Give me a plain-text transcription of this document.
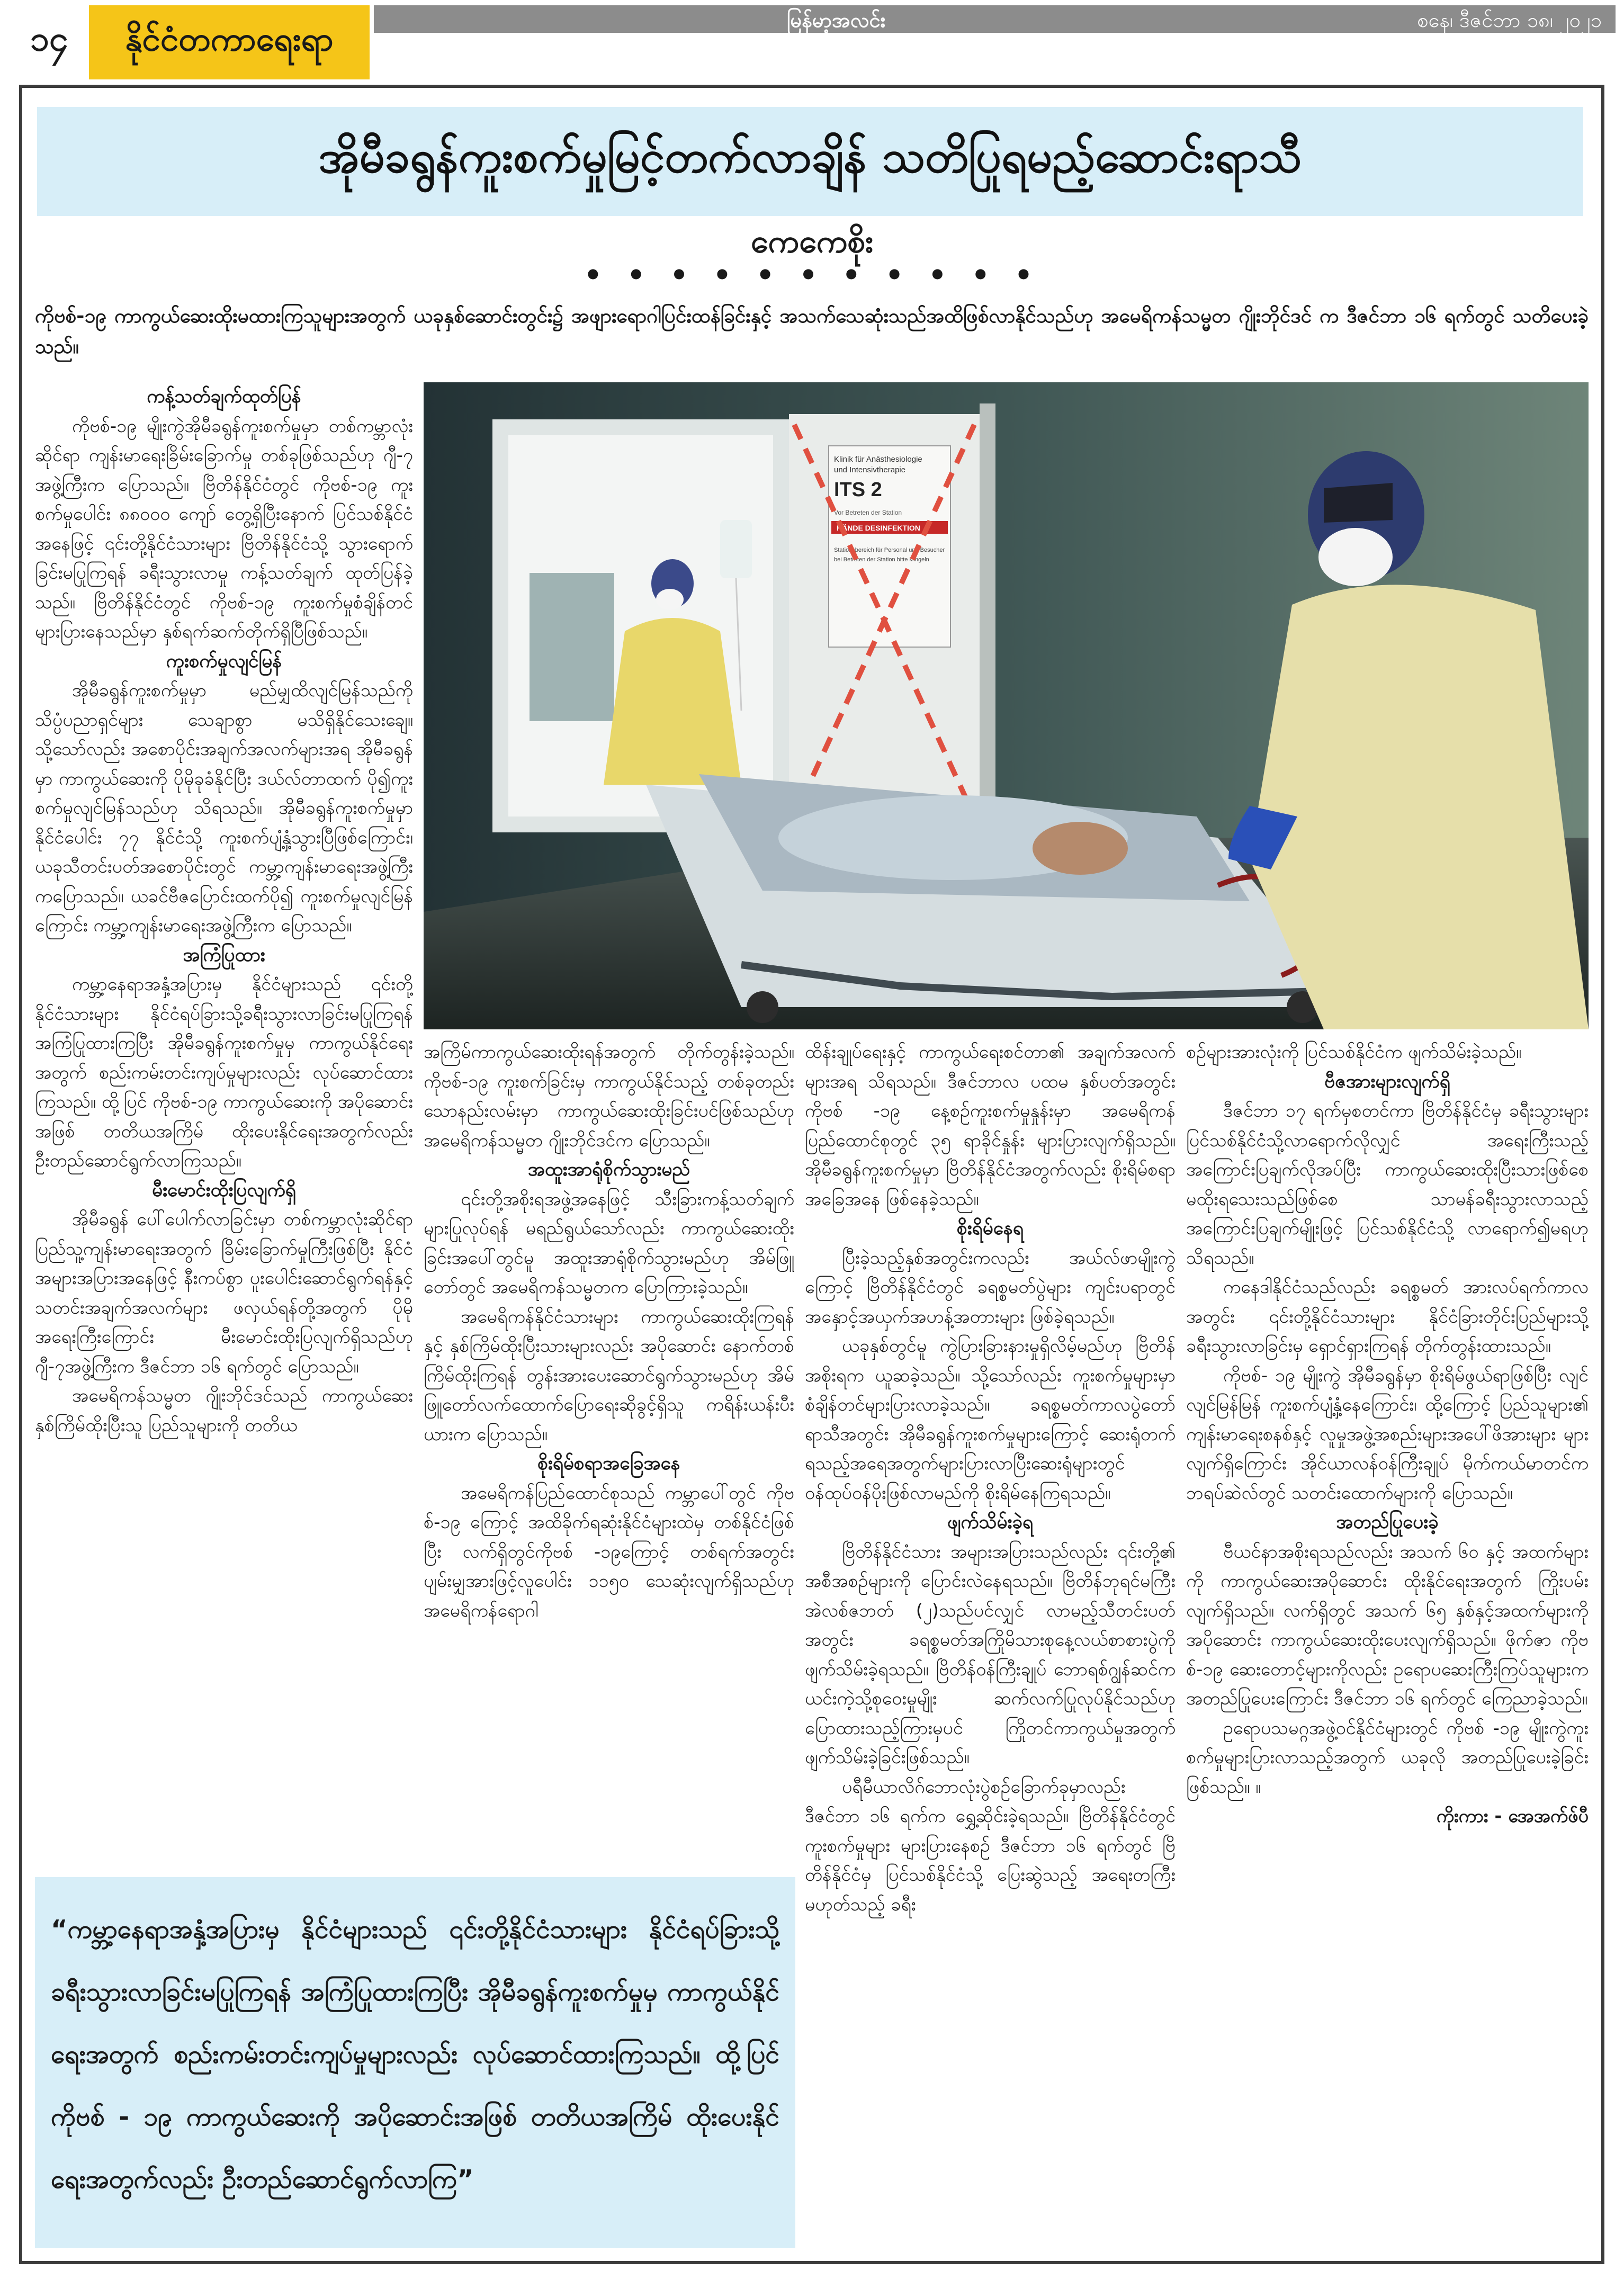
၁၄	နိုင်ငံတကာရေးရာ	မြန်မာ့အလင်း	စနေ၊ ဒီဇင်ဘာ ၁၈၊ ၂၀၂၁
အိုမီခရွန်ကူးစက်မှုမြင့်တက်လာချိန် သတိပြုရမည့်ဆောင်းရာသီ
ကေကေစိုး
• • • • • • • • • • •
ကိုဗစ်-၁၉ ကာကွယ်ဆေးထိုးမထားကြသူများအတွက် ယခုနှစ်ဆောင်းတွင်း၌ အဖျားရောဂါပြင်းထန်ခြင်းနှင့် အသက်သေဆုံးသည်အထိဖြစ်လာနိုင်သည်ဟု အမေရိကန်သမ္မတ ဂျိုးဘိုင်ဒင် က ဒီဇင်ဘာ ၁၆ ရက်တွင် သတိပေးခဲ့သည်။
Klinik für Anästhesiologie
und Intensivtherapie
ITS 2
Vor Betreten der Station
HÄNDE DESINFEKTION
Stationsbereich für Personal und Besucher
bei Betreten der Station bitte klingeln
ကန့်သတ်ချက်ထုတ်ပြန်

ကိုဗစ်-၁၉ မျိုးကွဲအိုမီခရွန်ကူးစက်မှုမှာ တစ်ကမ္ဘာလုံးဆိုင်ရာ ကျန်းမာရေးခြိမ်းခြောက်မှု တစ်ခုဖြစ်သည်ဟု ဂျီ-၇ အဖွဲ့ကြီးက ပြောသည်။ ဗြိတိန်နိုင်ငံတွင် ကိုဗစ်-၁၉ ကူးစက်မှုပေါင်း ၈၈၀၀၀ ကျော် တွေ့ရှိပြီးနောက် ပြင်သစ်နိုင်ငံအနေဖြင့် ၎င်းတို့နိုင်ငံသားများ ဗြိတိန်နိုင်ငံသို့ သွားရောက်ခြင်းမပြုကြရန် ခရီးသွားလာမှု ကန့်သတ်ချက် ထုတ်ပြန်ခဲ့သည်။ ဗြိတိန်နိုင်ငံတွင် ကိုဗစ်-၁၉ ကူးစက်မှုစံချိန်တင်များပြားနေသည်မှာ နှစ်ရက်ဆက်တိုက်ရှိပြီဖြစ်သည်။

ကူးစက်မှုလျင်မြန်

အိုမီခရွန်ကူးစက်မှုမှာ မည်မျှထိလျင်မြန်သည်ကို သိပ္ပံပညာရှင်များ သေချာစွာ မသိရှိနိုင်သေးချေ။ သို့သော်လည်း အစောပိုင်းအချက်အလက်များအရ အိုမီခရွန်မှာ ကာကွယ်ဆေးကို ပိုမိုခုခံနိုင်ပြီး ဒယ်လ်တာထက် ပို၍ကူးစက်မှုလျင်မြန်သည်ဟု သိရသည်။ အိုမီခရွန်ကူးစက်မှုမှာ နိုင်ငံပေါင်း ၇၇ နိုင်ငံသို့ ကူးစက်ပျံ့နှံ့သွားပြီဖြစ်ကြောင်း၊ ယခုသီတင်းပတ်အစောပိုင်းတွင် ကမ္ဘာ့ကျန်းမာရေးအဖွဲ့ကြီးကပြောသည်။ ယခင်ဗီဇပြောင်းထက်ပို၍ ကူးစက်မှုလျင်မြန်ကြောင်း ကမ္ဘာ့ကျန်းမာရေးအဖွဲ့ကြီးက ပြောသည်။

အကြံပြုထား

ကမ္ဘာ့နေရာအနှံ့အပြားမှ နိုင်ငံများသည် ၎င်းတို့နိုင်ငံသားများ နိုင်ငံရပ်ခြားသို့ခရီးသွားလာခြင်းမပြုကြရန် အကြံပြုထားကြပြီး အိုမီခရွန်ကူးစက်မှုမှ ကာကွယ်နိုင်ရေးအတွက် စည်းကမ်းတင်းကျပ်မှုများလည်း လုပ်ဆောင်ထားကြသည်။ ထို့ပြင် ကိုဗစ်-၁၉ ကာကွယ်ဆေးကို အပိုဆောင်းအဖြစ် တတိယအကြိမ် ထိုးပေးနိုင်ရေးအတွက်လည်း ဦးတည်ဆောင်ရွက်လာကြသည်။

မီးမောင်းထိုးပြလျက်ရှိ

အိုမီခရွန် ပေါ်ပေါက်လာခြင်းမှာ တစ်ကမ္ဘာလုံးဆိုင်ရာ ပြည်သူ့ကျန်းမာရေးအတွက် ခြိမ်းခြောက်မှုကြီးဖြစ်ပြီး နိုင်ငံအများအပြားအနေဖြင့် နီးကပ်စွာ ပူးပေါင်းဆောင်ရွက်ရန်နှင့် သတင်းအချက်အလက်များ ဖလှယ်ရန်တို့အတွက် ပိုမိုအရေးကြီးကြောင်း မီးမောင်းထိုးပြလျက်ရှိသည်ဟု ဂျီ-၇အဖွဲ့ကြီးက ဒီဇင်ဘာ ၁၆ ရက်တွင် ပြောသည်။

အမေရိကန်သမ္မတ ဂျိုးဘိုင်ဒင်သည် ကာကွယ်ဆေးနှစ်ကြိမ်ထိုးပြီးသူ ပြည်သူများကို တတိယ

အကြိမ်ကာကွယ်ဆေးထိုးရန်အတွက် တိုက်တွန်းခဲ့သည်။ ကိုဗစ်-၁၉ ကူးစက်ခြင်းမှ ကာကွယ်နိုင်သည့် တစ်ခုတည်းသောနည်းလမ်းမှာ ကာကွယ်ဆေးထိုးခြင်းပင်ဖြစ်သည်ဟု အမေရိကန်သမ္မတ ဂျိုးဘိုင်ဒင်က ပြောသည်။
အထူးအာရုံစိုက်သွားမည်

၎င်းတို့အစိုးရအဖွဲ့အနေဖြင့် သီးခြားကန့်သတ်ချက်များပြုလုပ်ရန် မရည်ရွယ်သော်လည်း ကာကွယ်ဆေးထိုးခြင်းအပေါ်တွင်မူ အထူးအာရုံစိုက်သွားမည်ဟု အိမ်ဖြူတော်တွင် အမေရိကန်သမ္မတက ပြောကြားခဲ့သည်။

အမေရိကန်နိုင်ငံသားများ ကာကွယ်ဆေးထိုးကြရန်နှင့် နှစ်ကြိမ်ထိုးပြီးသားများလည်း အပိုဆောင်း နောက်တစ်ကြိမ်ထိုးကြရန် တွန်းအားပေးဆောင်ရွက်သွားမည်ဟု အိမ်ဖြူတော်လက်ထောက်ပြောရေးဆိုခွင့်ရှိသူ ကရိန်းယန်းပီးယားက ပြောသည်။

စိုးရိမ်စရာအခြေအနေ

အမေရိကန်ပြည်ထောင်စုသည် ကမ္ဘာပေါ်တွင် ကိုဗစ်-၁၉ ကြောင့် အထိခိုက်ရဆုံးနိုင်ငံများထဲမှ တစ်နိုင်ငံဖြစ်ပြီး လက်ရှိတွင်ကိုဗစ် -၁၉ကြောင့် တစ်ရက်အတွင်း ပျမ်းမျှအားဖြင့်လူပေါင်း ၁၁၅၀ သေဆုံးလျက်ရှိသည်ဟု အမေရိကန်ရောဂါ

ထိန်းချုပ်ရေးနှင့် ကာကွယ်ရေးစင်တာ၏ အချက်အလက်များအရ သိရသည်။ ဒီဇင်ဘာလ ပထမ နှစ်ပတ်အတွင်း ကိုဗစ် -၁၉ နေ့စဉ်ကူးစက်မှုနှုန်းမှာ အမေရိကန်ပြည်ထောင်စုတွင် ၃၅ ရာခိုင်နှုန်း များပြားလျက်ရှိသည်။ အိုမီခရွန်ကူးစက်မှုမှာ ဗြိတိန်နိုင်ငံအတွက်လည်း စိုးရိမ်စရာအခြေအနေ ဖြစ်နေခဲ့သည်။
စိုးရိမ်နေရ

ပြီးခဲ့သည့်နှစ်အတွင်းကလည်း အယ်လ်ဖာမျိုးကွဲကြောင့် ဗြိတိန်နိုင်ငံတွင် ခရစ္စမတ်ပွဲများ ကျင်းပရာတွင် အနှောင့်အယှက်အဟန့်အတားများ ဖြစ်ခဲ့ရသည်။

ယခုနှစ်တွင်မူ ကွဲပြားခြားနားမှုရှိလိမ့်မည်ဟု ဗြိတိန်အစိုးရက ယူဆခဲ့သည်။ သို့သော်လည်း ကူးစက်မှုများမှာ စံချိန်တင်များပြားလာခဲ့သည်။ ခရစ္စမတ်ကာလပွဲတော်ရာသီအတွင်း အိုမီခရွန်ကူးစက်မှုများကြောင့် ဆေးရုံတက်ရသည့်အရေအတွက်များပြားလာပြီးဆေးရုံများတွင် ဝန်ထုပ်ဝန်ပိုးဖြစ်လာမည်ကို စိုးရိမ်နေကြရသည်။

ဖျက်သိမ်းခဲ့ရ

ဗြိတိန်နိုင်ငံသား အများအပြားသည်လည်း ၎င်းတို့၏ အစီအစဉ်များကို ပြောင်းလဲနေရသည်။ ဗြိတိန်ဘုရင်မကြီးအဲလစ်ဇဘတ် (၂)သည်ပင်လျှင် လာမည့်သီတင်းပတ်အတွင်း ခရစ္စမတ်အကြိုမိသားစုနေ့လယ်စာစားပွဲကို ဖျက်သိမ်းခဲ့ရသည်။ ဗြိတိန်ဝန်ကြီးချုပ် ဘောရစ်ဂျွန်ဆင်က ယင်းကဲ့သို့စုဝေးမှုမျိုး ဆက်လက်ပြုလုပ်နိုင်သည်ဟု ပြောထားသည့်ကြားမှပင် ကြိုတင်ကာကွယ်မှုအတွက် ဖျက်သိမ်းခဲ့ခြင်းဖြစ်သည်။

ပရီမီယာလိဂ်ဘောလုံးပွဲစဉ်ခြောက်ခုမှာလည်း ဒီဇင်ဘာ ၁၆ ရက်က ရွှေ့ဆိုင်းခဲ့ရသည်။ ဗြိတိန်နိုင်ငံတွင် ကူးစက်မှုများ များပြားနေစဉ် ဒီဇင်ဘာ ၁၆ ရက်တွင် ဗြိတိန်နိုင်ငံမှ ပြင်သစ်နိုင်ငံသို့ ပြေးဆွဲသည့် အရေးတကြီးမဟုတ်သည့် ခရီး

စဉ်များအားလုံးကို ပြင်သစ်နိုင်ငံက ဖျက်သိမ်းခဲ့သည်။
ဗီဇအားများလျက်ရှိ

ဒီဇင်ဘာ ၁၇ ရက်မှစတင်ကာ ဗြိတိန်နိုင်ငံမှ ခရီးသွားများ ပြင်သစ်နိုင်ငံသို့လာရောက်လိုလျှင် အရေးကြီးသည့် အကြောင်းပြချက်လိုအပ်ပြီး ကာကွယ်ဆေးထိုးပြီးသားဖြစ်စေ မထိုးရသေးသည်ဖြစ်စေ သာမန်ခရီးသွားလာသည့် အကြောင်းပြချက်မျိုးဖြင့် ပြင်သစ်နိုင်ငံသို့ လာရောက်၍မရဟု သိရသည်။

ကနေဒါနိုင်ငံသည်လည်း ခရစ္စမတ် အားလပ်ရက်ကာလအတွင်း ၎င်းတို့နိုင်ငံသားများ နိုင်ငံခြားတိုင်းပြည်များသို့ ခရီးသွားလာခြင်းမှ ရှောင်ရှားကြရန် တိုက်တွန်းထားသည်။

ကိုဗစ်- ၁၉ မျိုးကွဲ အိုမီခရွန်မှာ စိုးရိမ်ဖွယ်ရာဖြစ်ပြီး လျင်လျင်မြန်မြန် ကူးစက်ပျံ့နှံ့နေကြောင်း၊ ထို့ကြောင့် ပြည်သူများ၏ ကျန်းမာရေးစနစ်နှင့် လူမှုအဖွဲ့အစည်းများအပေါ်ဖိအားများ များလျက်ရှိကြောင်း အိုင်ယာလန်ဝန်ကြီးချုပ် မိုက်ကယ်မာတင်က ဘရပ်ဆဲလ်တွင် သတင်းထောက်များကို ပြောသည်။

အတည်ပြုပေးခဲ့

ဗီယင်နာအစိုးရသည်လည်း အသက် ၆၀ နှင့် အထက်များကို ကာကွယ်ဆေးအပိုဆောင်း ထိုးနိုင်ရေးအတွက် ကြိုးပမ်းလျက်ရှိသည်။ လက်ရှိတွင် အသက် ၆၅ နှစ်နှင့်အထက်များကို အပိုဆောင်း ကာကွယ်ဆေးထိုးပေးလျက်ရှိသည်။ ဖိုက်ဇာ ကိုဗစ်-၁၉ ဆေးတောင့်များကိုလည်း ဥရောပဆေးကြီးကြပ်သူများက အတည်ပြုပေးကြောင်း ဒီဇင်ဘာ ၁၆ ရက်တွင် ကြေညာခဲ့သည်။

ဥရောပသမဂ္ဂအဖွဲ့ဝင်နိုင်ငံများတွင် ကိုဗစ် -၁၉ မျိုးကွဲကူးစက်မှုများပြားလာသည့်အတွက် ယခုလို အတည်ပြုပေးခဲ့ခြင်းဖြစ်သည်။ ။

ကိုးကား - အေအက်ဖ်ပီ
“ကမ္ဘာ့နေရာအနှံ့အပြားမှ နိုင်ငံများသည် ၎င်းတို့နိုင်ငံသားများ နိုင်ငံရပ်ခြားသို့ ခရီးသွားလာခြင်းမပြုကြရန် အကြံပြုထားကြပြီး အိုမီခရွန်ကူးစက်မှုမှ ကာကွယ်နိုင်ရေးအတွက် စည်းကမ်းတင်းကျပ်မှုများလည်း လုပ်ဆောင်ထားကြသည်။ ထို့ပြင် ကိုဗစ် - ၁၉ ကာကွယ်ဆေးကို အပိုဆောင်းအဖြစ် တတိယအကြိမ် ထိုးပေးနိုင်ရေးအတွက်လည်း ဦးတည်ဆောင်ရွက်လာကြ”
